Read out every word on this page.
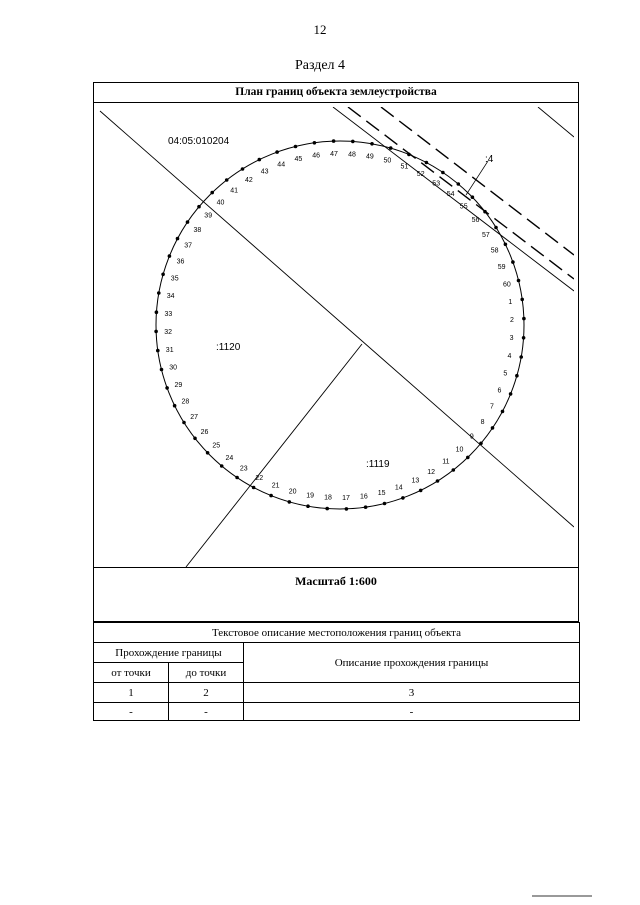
12
Раздел 4
План границ объекта землеустройства
1
2
3
4
5
6
7
8
9
10
11
12
13
14
15
16
17
18
19
20
21
22
23
24
25
26
27
28
29
30
31
32
33
34
35
36
37
38
39
40
41
42
43
44
45 46 47 48 49
50
51
52
53
54
55
56
57
58
59
60
04:05:010204
:1120
:1119
:4
Масштаб 1:600
Текстовое описание местоположения границ объекта		
Прохождение границы		Описание прохождения границы
от точки	до точки	
1	2	3
-	-	-
